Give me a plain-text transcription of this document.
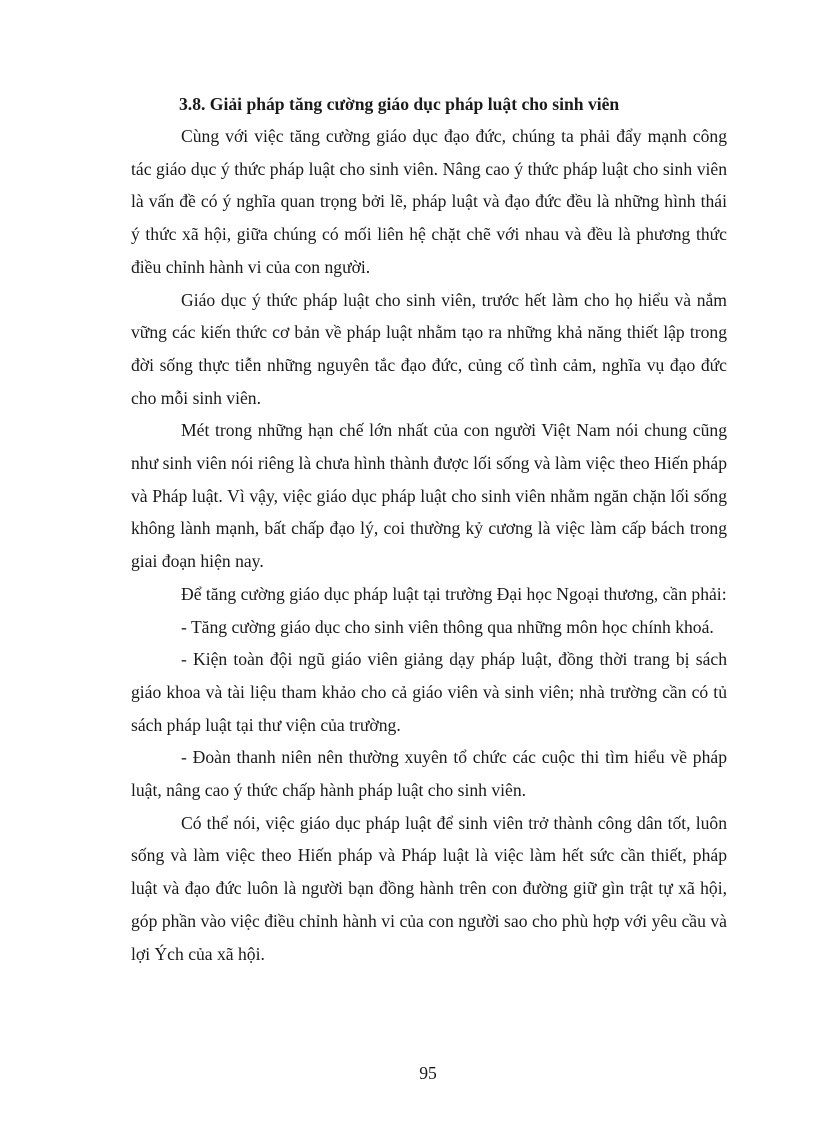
3.8. Giải pháp tăng cường giáo dục pháp luật cho sinh viên

Cùng với việc tăng cường giáo dục đạo đức, chúng ta phải đẩy mạnh công tác giáo dục ý thức pháp luật cho sinh viên. Nâng cao ý thức pháp luật cho sinh viên là vấn đề có ý nghĩa quan trọng bởi lẽ, pháp luật và đạo đức đều là những hình thái ý thức xã hội, giữa chúng có mối liên hệ chặt chẽ với nhau và đều là phương thức điều chỉnh hành vi của con người.

Giáo dục ý thức pháp luật cho sinh viên, trước hết làm cho họ hiểu và nắm vững các kiến thức cơ bản về pháp luật nhằm tạo ra những khả năng thiết lập trong đời sống thực tiễn những nguyên tắc đạo đức, củng cố tình cảm, nghĩa vụ đạo đức cho mỗi sinh viên.

Mét trong những hạn chế lớn nhất của con người Việt Nam nói chung cũng như sinh viên nói riêng là chưa hình thành được lối sống và làm việc theo Hiến pháp và Pháp luật. Vì vậy, việc giáo dục pháp luật cho sinh viên nhằm ngăn chặn lối sống không lành mạnh, bất chấp đạo lý, coi thường kỷ cương là việc làm cấp bách trong giai đoạn hiện nay.

Để tăng cường giáo dục pháp luật tại trường Đại học Ngoại thương, cần phải:

- Tăng cường giáo dục cho sinh viên thông qua những môn học chính khoá.

- Kiện toàn đội ngũ giáo viên giảng dạy pháp luật, đồng thời trang bị sách giáo khoa và tài liệu tham khảo cho cả giáo viên và sinh viên; nhà trường cần có tủ sách pháp luật tại thư viện của trường.

- Đoàn thanh niên nên thường xuyên tổ chức các cuộc thi tìm hiểu về pháp luật, nâng cao ý thức chấp hành pháp luật cho sinh viên.

Có thể nói, việc giáo dục pháp luật để sinh viên trở thành công dân tốt, luôn sống và làm việc theo Hiến pháp và Pháp luật là việc làm hết sức cần thiết, pháp luật và đạo đức luôn là người bạn đồng hành trên con đường giữ gìn trật tự xã hội, góp phần vào việc điều chỉnh hành vi của con người sao cho phù hợp với yêu cầu và lợi Ých của xã hội.

95
